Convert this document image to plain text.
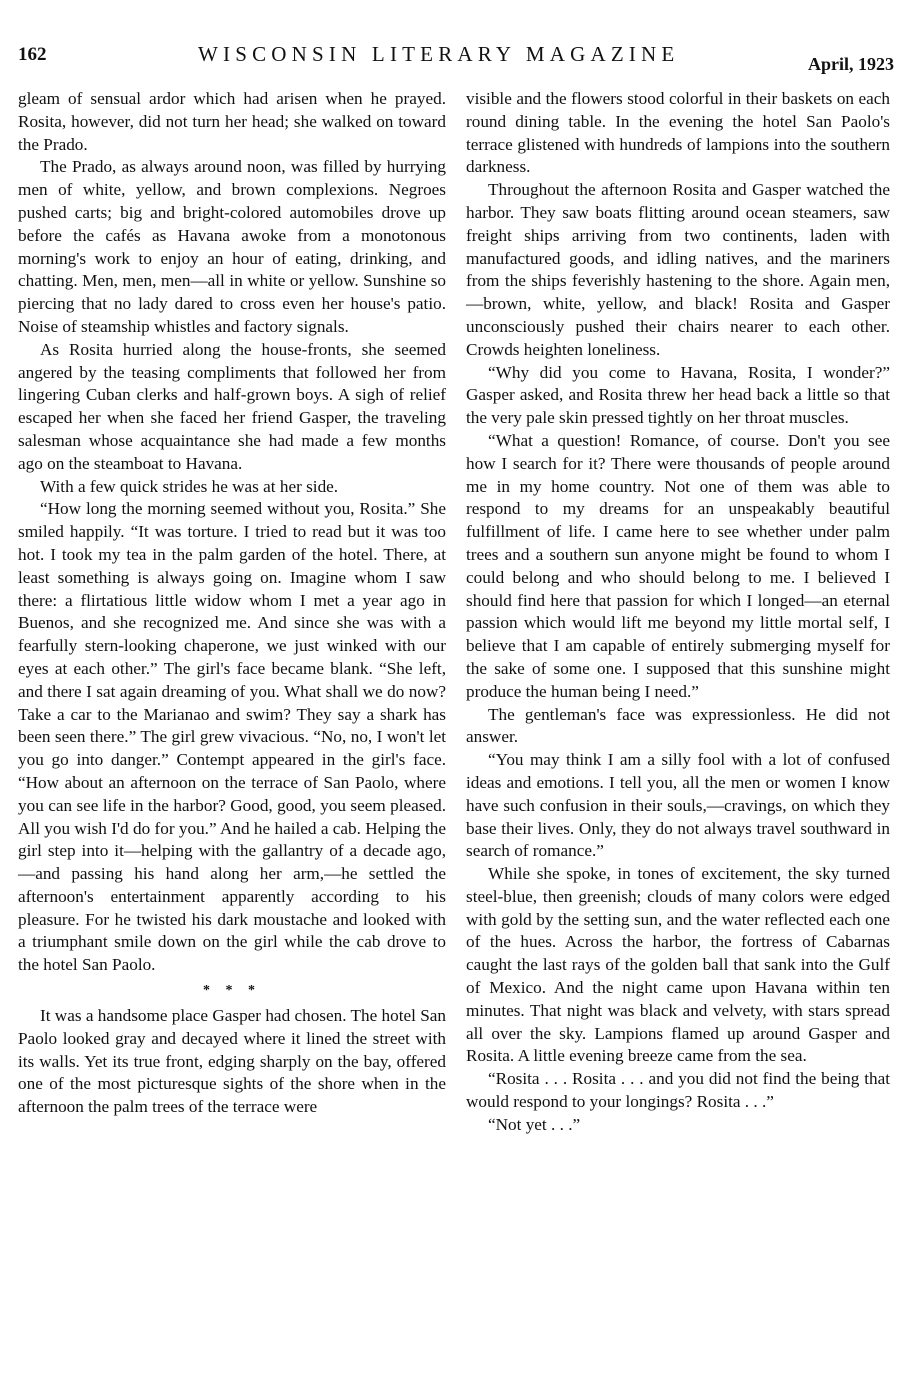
162	WISCONSIN LITERARY MAGAZINE	April, 1923

gleam of sensual ardor which had arisen when he prayed. Rosita, however, did not turn her head; she walked on toward the Prado.

The Prado, as always around noon, was filled by hurrying men of white, yellow, and brown complexions. Negroes pushed carts; big and bright-colored automobiles drove up before the cafés as Havana awoke from a monotonous morning's work to enjoy an hour of eating, drinking, and chatting. Men, men, men—all in white or yellow. Sunshine so piercing that no lady dared to cross even her house's patio. Noise of steamship whistles and factory signals.

As Rosita hurried along the house-fronts, she seemed angered by the teasing compliments that followed her from lingering Cuban clerks and half-grown boys. A sigh of relief escaped her when she faced her friend Gasper, the traveling salesman whose acquaintance she had made a few months ago on the steamboat to Havana.

With a few quick strides he was at her side.

“How long the morning seemed without you, Rosita.” She smiled happily. “It was torture. I tried to read but it was too hot. I took my tea in the palm garden of the hotel. There, at least something is always going on. Imagine whom I saw there: a flirtatious little widow whom I met a year ago in Buenos, and she recognized me. And since she was with a fearfully stern-looking chaperone, we just winked with our eyes at each other.” The girl's face became blank. “She left, and there I sat again dreaming of you. What shall we do now? Take a car to the Marianao and swim? They say a shark has been seen there.” The girl grew vivacious. “No, no, I won't let you go into danger.” Contempt appeared in the girl's face. “How about an afternoon on the terrace of San Paolo, where you can see life in the harbor? Good, good, you seem pleased. All you wish I'd do for you.” And he hailed a cab. Helping the girl step into it—helping with the gallantry of a decade ago,—and passing his hand along her arm,—he settled the afternoon's entertainment apparently according to his pleasure. For he twisted his dark moustache and looked with a triumphant smile down on the girl while the cab drove to the hotel San Paolo.

* * *

It was a handsome place Gasper had chosen. The hotel San Paolo looked gray and decayed where it lined the street with its walls. Yet its true front, edging sharply on the bay, offered one of the most picturesque sights of the shore when in the afternoon the palm trees of the terrace were

visible and the flowers stood colorful in their baskets on each round dining table. In the evening the hotel San Paolo's terrace glistened with hundreds of lampions into the southern darkness.

Throughout the afternoon Rosita and Gasper watched the harbor. They saw boats flitting around ocean steamers, saw freight ships arriving from two continents, laden with manufactured goods, and idling natives, and the mariners from the ships feverishly hastening to the shore. Again men,—brown, white, yellow, and black! Rosita and Gasper unconsciously pushed their chairs nearer to each other. Crowds heighten loneliness.

“Why did you come to Havana, Rosita, I wonder?” Gasper asked, and Rosita threw her head back a little so that the very pale skin pressed tightly on her throat muscles.

“What a question! Romance, of course. Don't you see how I search for it? There were thousands of people around me in my home country. Not one of them was able to respond to my dreams for an unspeakably beautiful fulfillment of life. I came here to see whether under palm trees and a southern sun anyone might be found to whom I could belong and who should belong to me. I believed I should find here that passion for which I longed—an eternal passion which would lift me beyond my little mortal self, I believe that I am capable of entirely submerging myself for the sake of some one. I supposed that this sunshine might produce the human being I need.”

The gentleman's face was expressionless. He did not answer.

“You may think I am a silly fool with a lot of confused ideas and emotions. I tell you, all the men or women I know have such confusion in their souls,—cravings, on which they base their lives. Only, they do not always travel southward in search of romance.”

While she spoke, in tones of excitement, the sky turned steel-blue, then greenish; clouds of many colors were edged with gold by the setting sun, and the water reflected each one of the hues. Across the harbor, the fortress of Cabarnas caught the last rays of the golden ball that sank into the Gulf of Mexico. And the night came upon Havana within ten minutes. That night was black and velvety, with stars spread all over the sky. Lampions flamed up around Gasper and Rosita. A little evening breeze came from the sea.

“Rosita . . . Rosita . . . and you did not find the being that would respond to your longings? Rosita . . .”

“Not yet . . .”
